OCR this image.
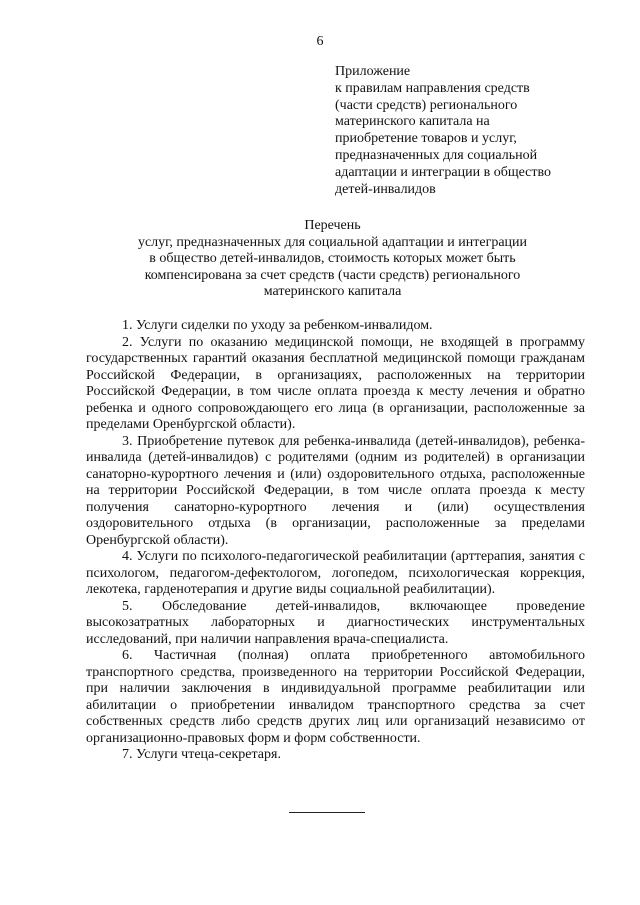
6
Приложение
к правилам направления средств
(части средств) регионального
материнского капитала на
приобретение товаров и услуг,
предназначенных для социальной
адаптации и интеграции в общество
детей-инвалидов
Перечень
услуг, предназначенных для социальной адаптации и интеграции
в общество детей-инвалидов, стоимость которых может быть
компенсирована за счет средств (части средств) регионального
материнского капитала

1. Услуги сиделки по уходу за ребенком-инвалидом.

2. Услуги по оказанию медицинской помощи, не входящей в программу государственных гарантий оказания бесплатной медицинской помощи гражданам Российской Федерации, в организациях, расположенных на территории Российской Федерации, в том числе оплата проезда к месту лечения и обратно ребенка и одного сопровождающего его лица (в организации, расположенные за пределами Оренбургской области).

3. Приобретение путевок для ребенка-инвалида (детей-инвалидов), ребенка-инвалида (детей-инвалидов) с родителями (одним из родителей) в организации санаторно-курортного лечения и (или) оздоровительного отдыха, расположенные на территории Российской Федерации, в том числе оплата проезда к месту получения санаторно-курортного лечения и (или) осуществления оздоровительного отдыха (в организации, расположенные за пределами Оренбургской области).

4. Услуги по психолого-педагогической реабилитации (арттерапия, занятия с психологом, педагогом-дефектологом, логопедом, психологическая коррекция, лекотека, гарденотерапия и другие виды социальной реабилитации).

5. Обследование детей-инвалидов, включающее проведение высокозатратных лабораторных и диагностических инструментальных исследований, при наличии направления врача-специалиста.

6. Частичная (полная) оплата приобретенного автомобильного транспортного средства, произведенного на территории Российской Федерации, при наличии заключения в индивидуальной программе реабилитации или абилитации о приобретении инвалидом транспортного средства за счет собственных средств либо средств других лиц или организаций независимо от организационно-правовых форм и форм собственности.

7. Услуги чтеца-секретаря.
